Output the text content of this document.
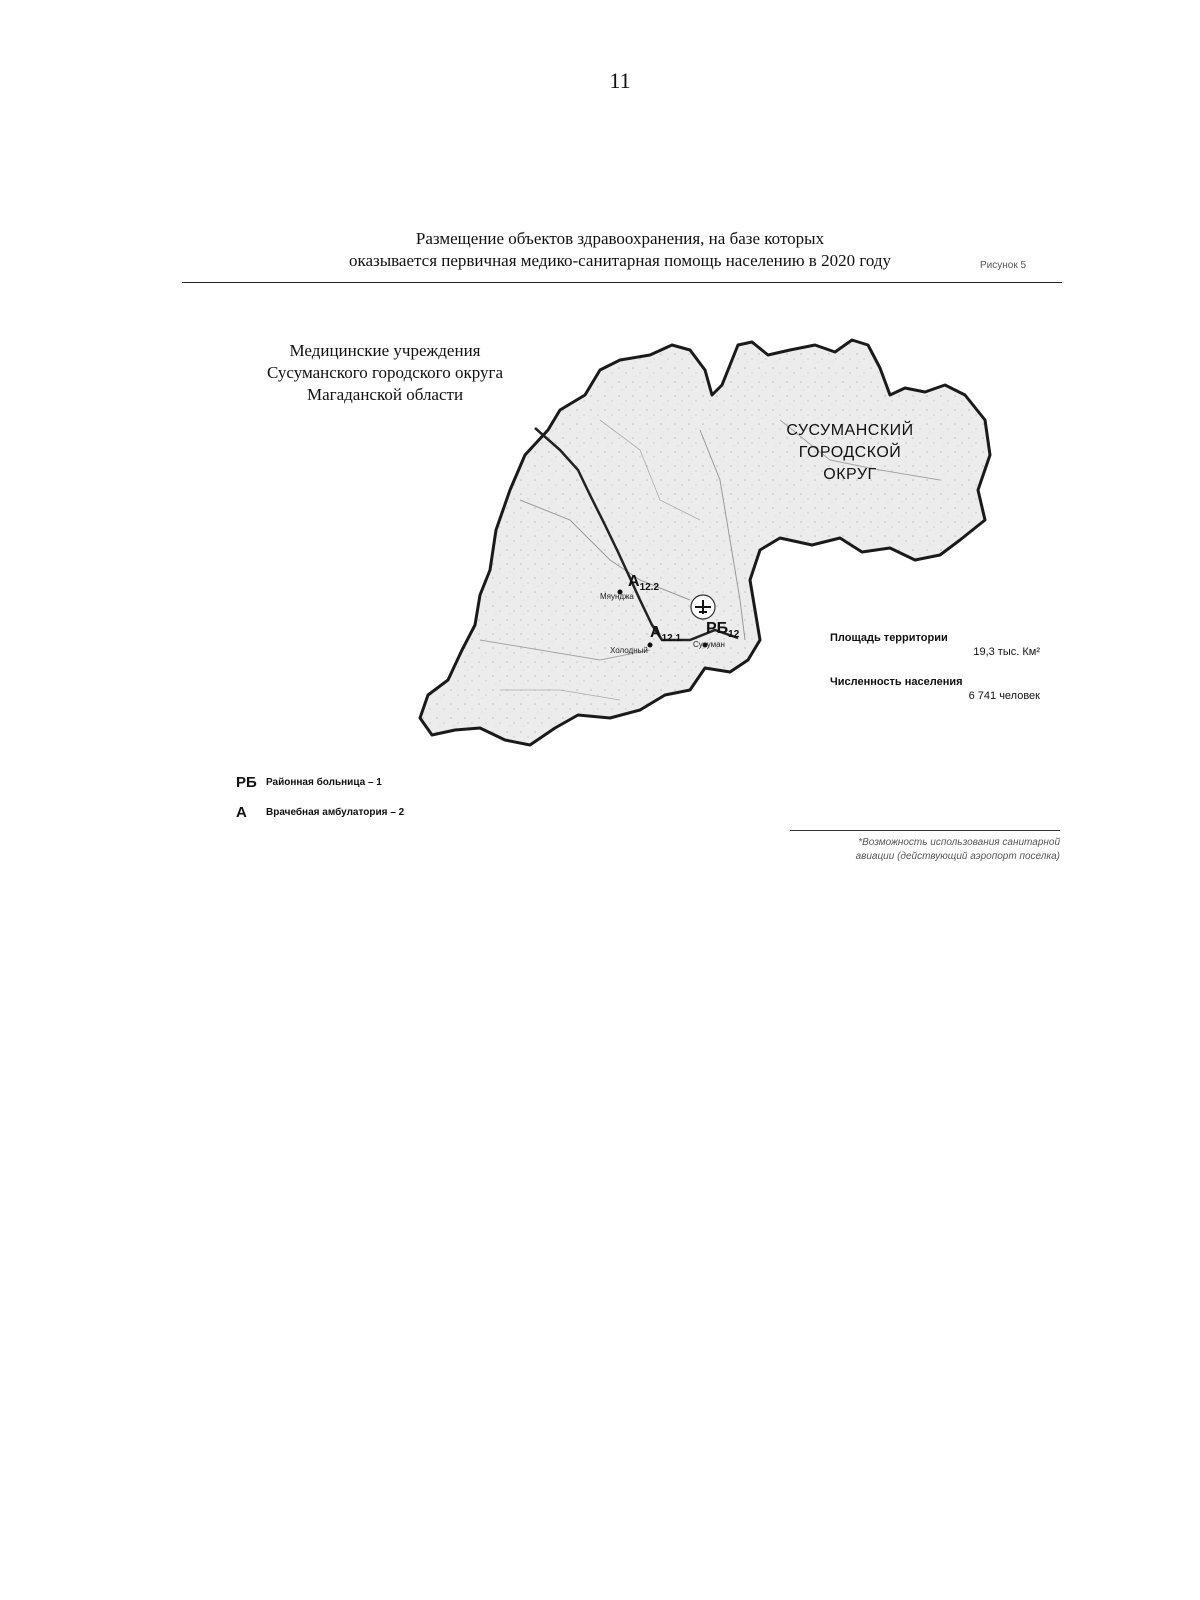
11
Размещение объектов здравоохранения, на базе которых
оказывается первичная медико-санитарная помощь населению в 2020 году	Рисунок 5
Медицинские учреждения
Сусуманского городского округа
Магаданской области
СУСУМАНСКИЙ
ГОРОДСКОЙ
ОКРУГ
$А_{12.2}$
$А_{12.1}$
$РБ_{12}$
Мяунджа
Холодный
Сусуман
Площадь территории
19,3 тыс. Км²
Численность населения
6 741 человек
РБ Районная больница – 1
А	Врачебная амбулатория – 2
*Возможность использования санитарной
авиации (действующий аэропорт поселка)
